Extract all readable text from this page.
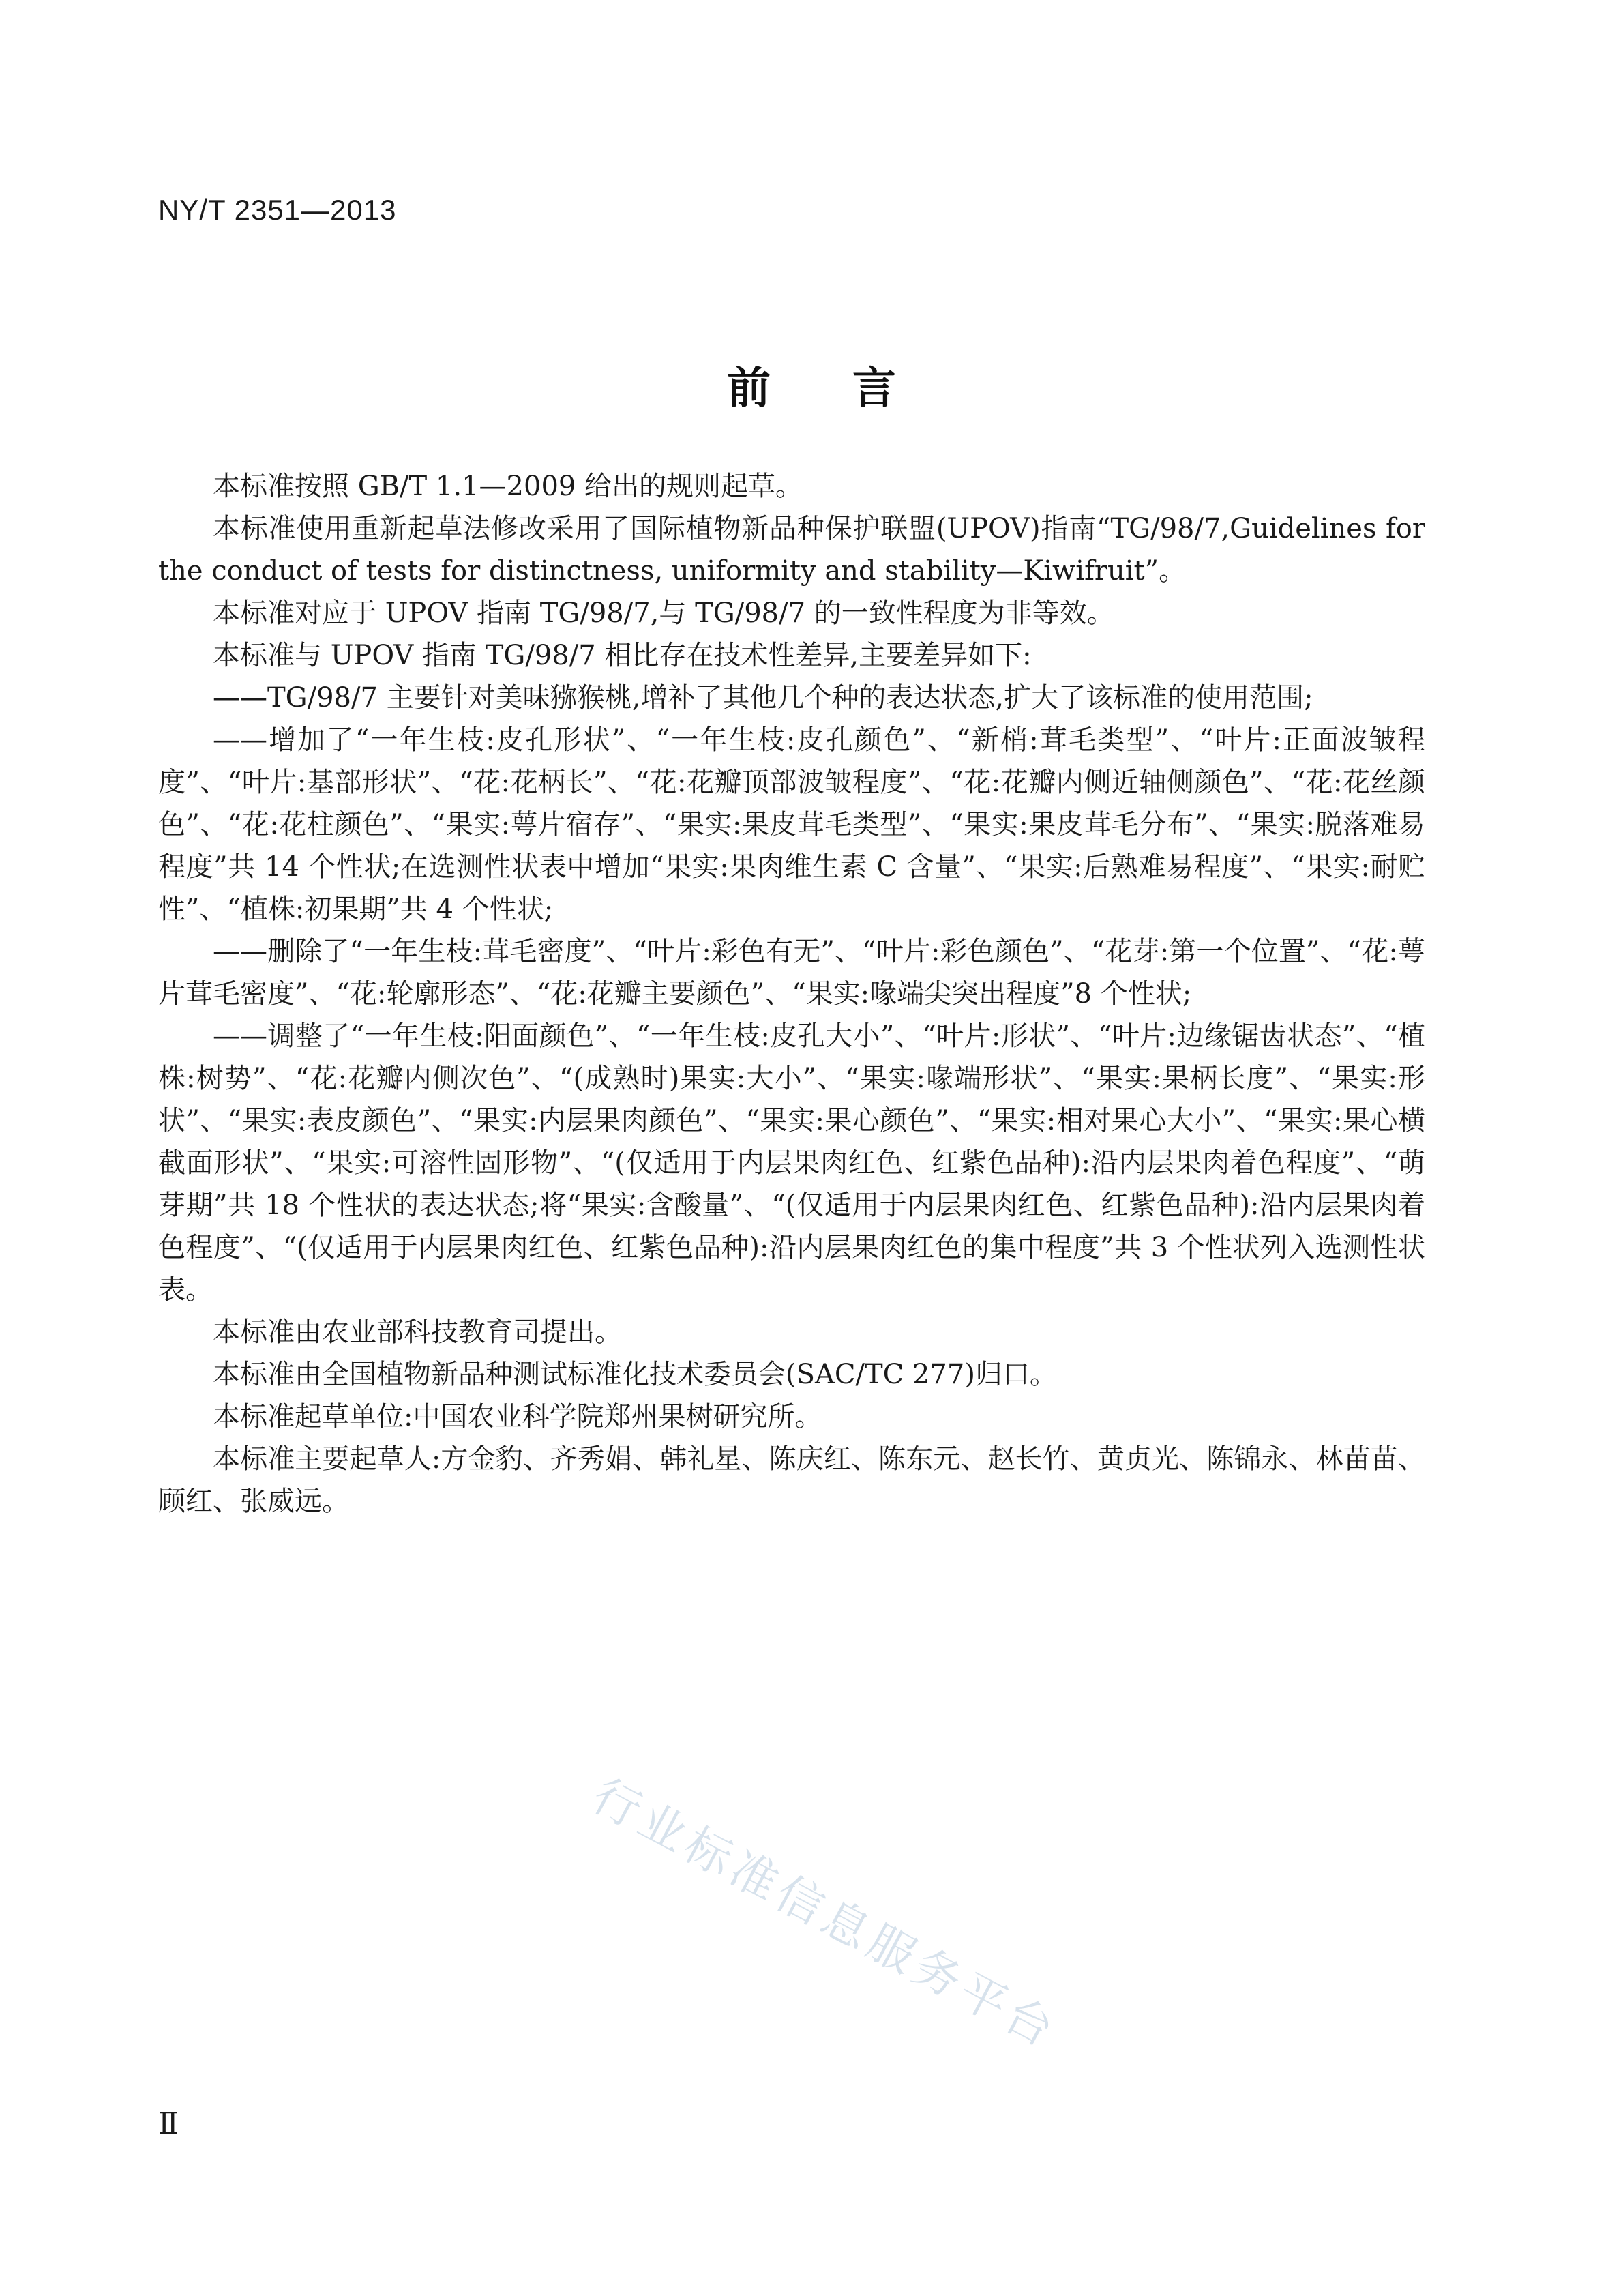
NY/T 2351—2013
前言

本标准按照 GB/T 1.1—2009 给出的规则起草。

本标准使用重新起草法修改采用了国际植物新品种保护联盟(UPOV)指南“TG/98/7,Guidelines for the conduct of tests for distinctness, uniformity and stability—Kiwifruit”。

本标准对应于 UPOV 指南 TG/98/7,与 TG/98/7 的一致性程度为非等效。

本标准与 UPOV 指南 TG/98/7 相比存在技术性差异,主要差异如下:

——TG/98/7 主要针对美味猕猴桃,增补了其他几个种的表达状态,扩大了该标准的使用范围;

——增加了“一年生枝:皮孔形状”、“一年生枝:皮孔颜色”、“新梢:茸毛类型”、“叶片:正面波皱程度”、“叶片:基部形状”、“花:花柄长”、“花:花瓣顶部波皱程度”、“花:花瓣内侧近轴侧颜色”、“花:花丝颜色”、“花:花柱颜色”、“果实:萼片宿存”、“果实:果皮茸毛类型”、“果实:果皮茸毛分布”、“果实:脱落难易程度”共 14 个性状;在选测性状表中增加“果实:果肉维生素 C 含量”、“果实:后熟难易程度”、“果实:耐贮性”、“植株:初果期”共 4 个性状;

——删除了“一年生枝:茸毛密度”、“叶片:彩色有无”、“叶片:彩色颜色”、“花芽:第一个位置”、“花:萼片茸毛密度”、“花:轮廓形态”、“花:花瓣主要颜色”、“果实:喙端尖突出程度”8 个性状;

——调整了“一年生枝:阳面颜色”、“一年生枝:皮孔大小”、“叶片:形状”、“叶片:边缘锯齿状态”、“植株:树势”、“花:花瓣内侧次色”、“(成熟时)果实:大小”、“果实:喙端形状”、“果实:果柄长度”、“果实:形状”、“果实:表皮颜色”、“果实:内层果肉颜色”、“果实:果心颜色”、“果实:相对果心大小”、“果实:果心横截面形状”、“果实:可溶性固形物”、“(仅适用于内层果肉红色、红紫色品种):沿内层果肉着色程度”、“萌芽期”共 18 个性状的表达状态;将“果实:含酸量”、“(仅适用于内层果肉红色、红紫色品种):沿内层果肉着色程度”、“(仅适用于内层果肉红色、红紫色品种):沿内层果肉红色的集中程度”共 3 个性状列入选测性状表。

本标准由农业部科技教育司提出。

本标准由全国植物新品种测试标准化技术委员会(SAC/TC 277)归口。

本标准起草单位:中国农业科学院郑州果树研究所。

本标准主要起草人:方金豹、齐秀娟、韩礼星、陈庆红、陈东元、赵长竹、黄贞光、陈锦永、林苗苗、顾红、张威远。

行业标准信息服务平台
Ⅱ
